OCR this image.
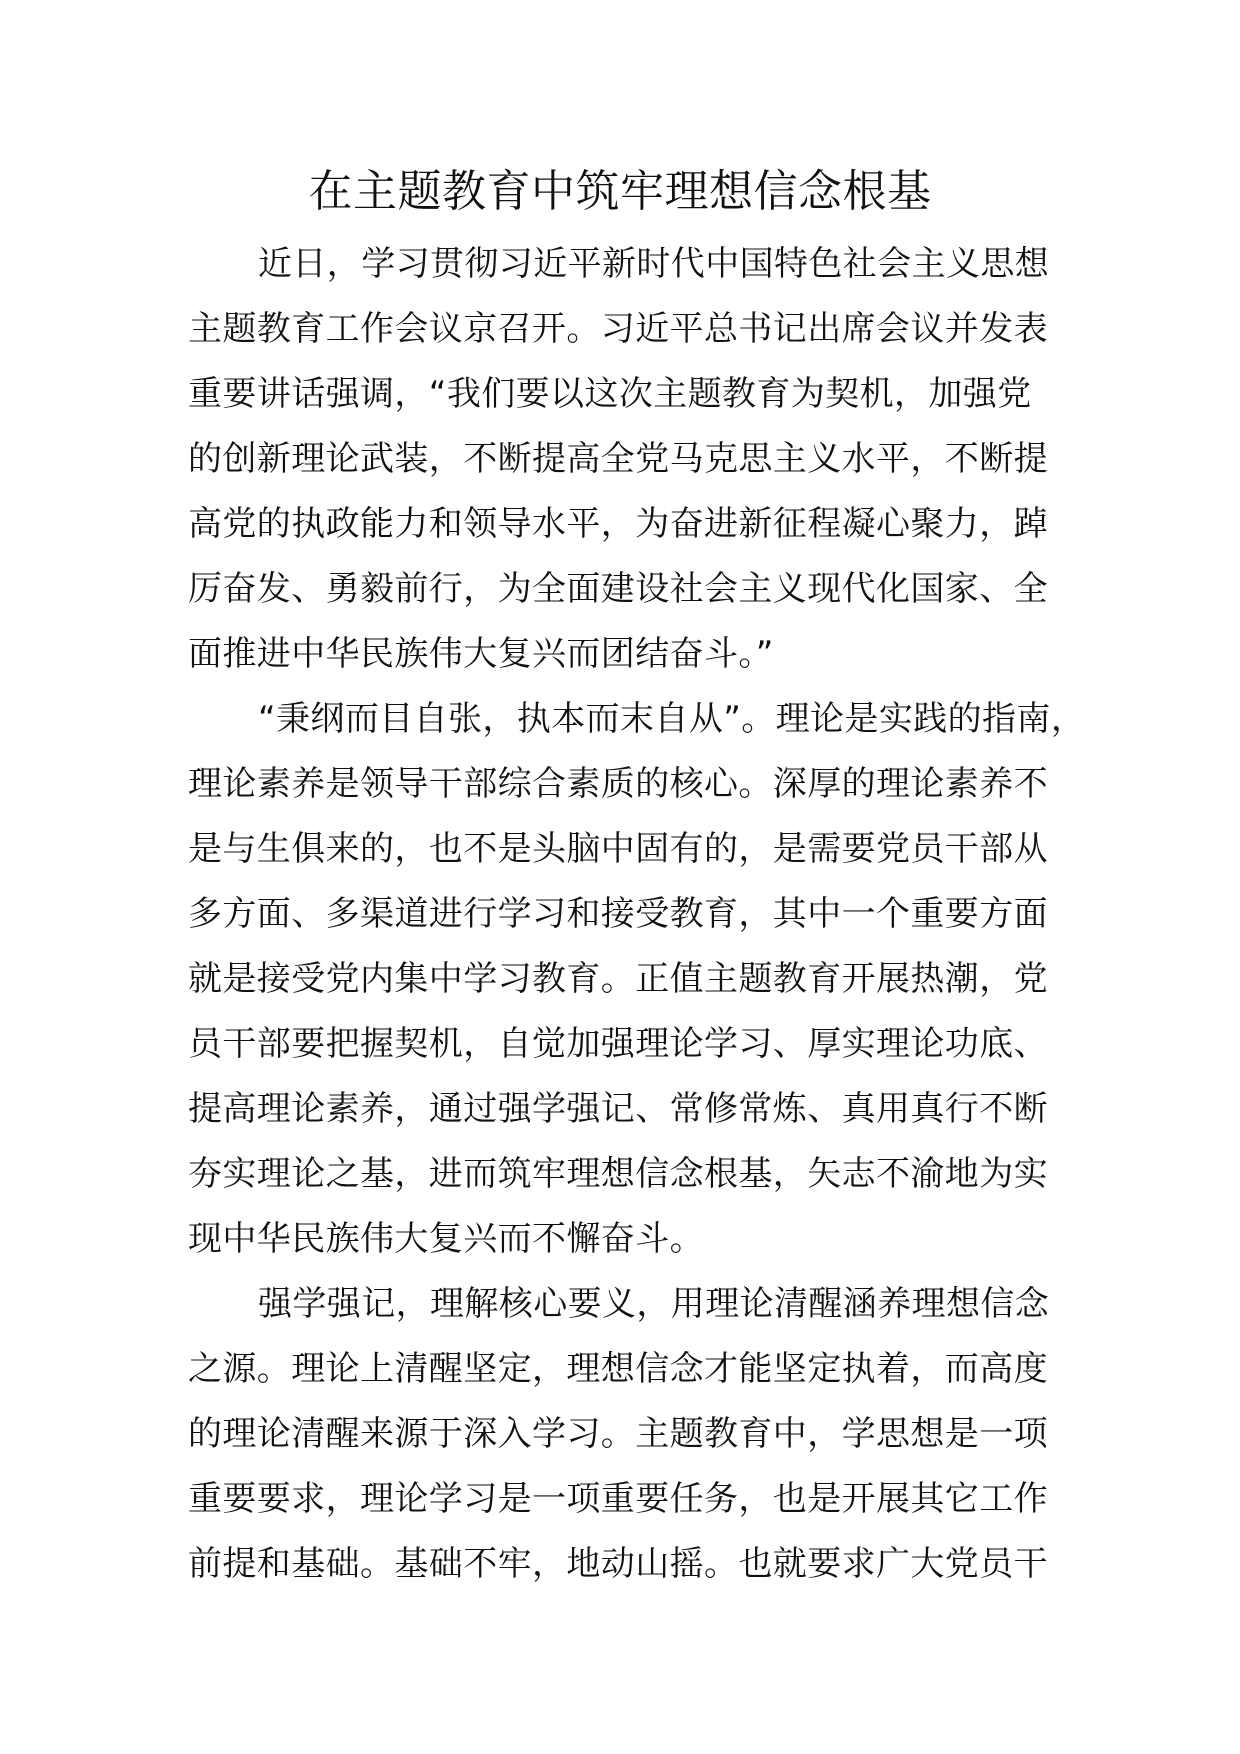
在主题教育中筑牢理想信念根基
近日，学习贯彻习近平新时代中国特色社会主义思想
主题教育工作会议京召开。习近平总书记出席会议并发表
重要讲话强调，“我们要以这次主题教育为契机，加强党
的创新理论武装，不断提高全党马克思主义水平，不断提
高党的执政能力和领导水平，为奋进新征程凝心聚力，踔
厉奋发、勇毅前行，为全面建设社会主义现代化国家、全
面推进中华民族伟大复兴而团结奋斗。”
“秉纲而目自张，执本而末自从”。理论是实践的指南，
理论素养是领导干部综合素质的核心。深厚的理论素养不
是与生俱来的，也不是头脑中固有的，是需要党员干部从
多方面、多渠道进行学习和接受教育，其中一个重要方面
就是接受党内集中学习教育。正值主题教育开展热潮，党
员干部要把握契机，自觉加强理论学习、厚实理论功底、
提高理论素养，通过强学强记、常修常炼、真用真行不断
夯实理论之基，进而筑牢理想信念根基，矢志不渝地为实
现中华民族伟大复兴而不懈奋斗。
强学强记，理解核心要义，用理论清醒涵养理想信念
之源。理论上清醒坚定，理想信念才能坚定执着，而高度
的理论清醒来源于深入学习。主题教育中，学思想是一项
重要要求，理论学习是一项重要任务，也是开展其它工作
前提和基础。基础不牢，地动山摇。也就要求广大党员干
